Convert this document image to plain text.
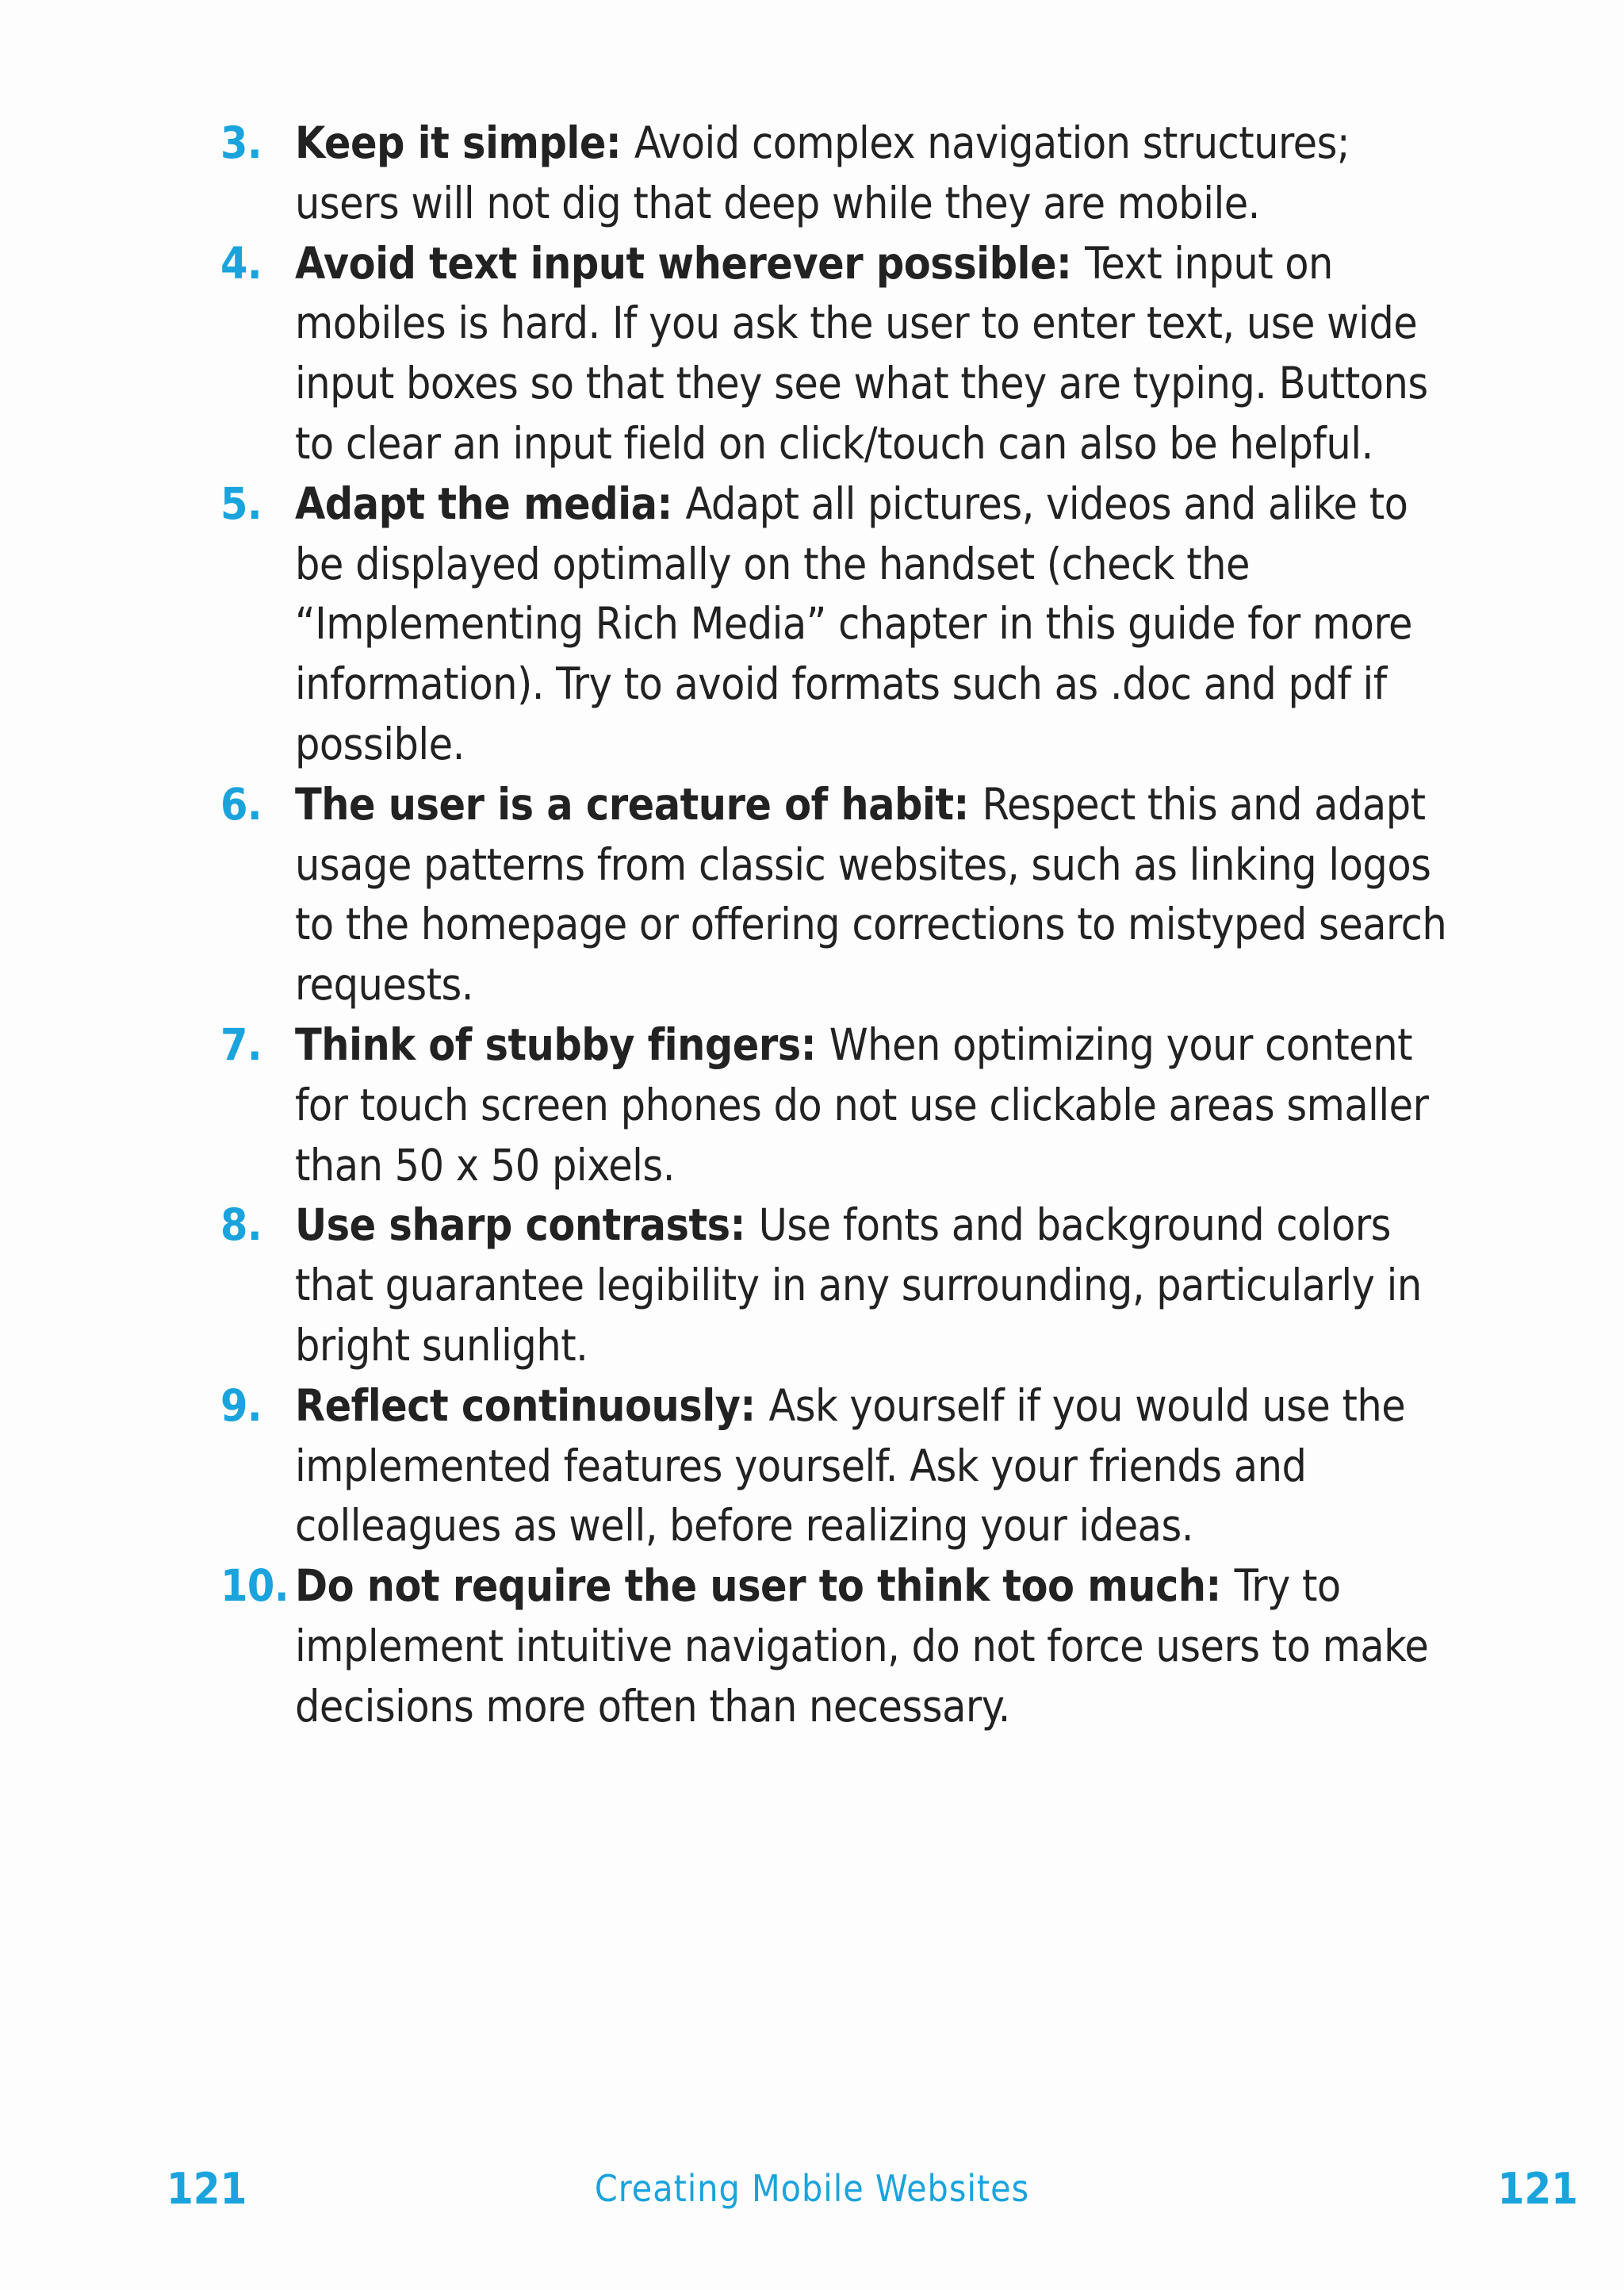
3. Keep it simple: Avoid complex navigation structures; users will not dig that deep while they are mobile.
4. Avoid text input wherever possible: Text input on mobiles is hard. If you ask the user to enter text, use wide input boxes so that they see what they are typing. Buttons to clear an input field on click/touch can also be helpful.
5. Adapt the media: Adapt all pictures, videos and alike to be displayed optimally on the handset (check the “Implementing Rich Media” chapter in this guide for more information). Try to avoid formats such as .doc and pdf if possible.
6. The user is a creature of habit: Respect this and adapt usage patterns from classic websites, such as linking logos to the homepage or offering corrections to mistyped search requests.
7. Think of stubby fingers: When optimizing your content for touch screen phones do not use clickable areas smaller than 50 x 50 pixels.
8. Use sharp contrasts: Use fonts and background colors that guarantee legibility in any surrounding, particularly in bright sunlight.
9. Reflect continuously: Ask yourself if you would use the implemented features yourself. Ask your friends and colleagues as well, before realizing your ideas.
10. Do not require the user to think too much: Try to implement intuitive navigation, do not force users to make decisions more often than necessary.
121	Creating Mobile Websites	121
